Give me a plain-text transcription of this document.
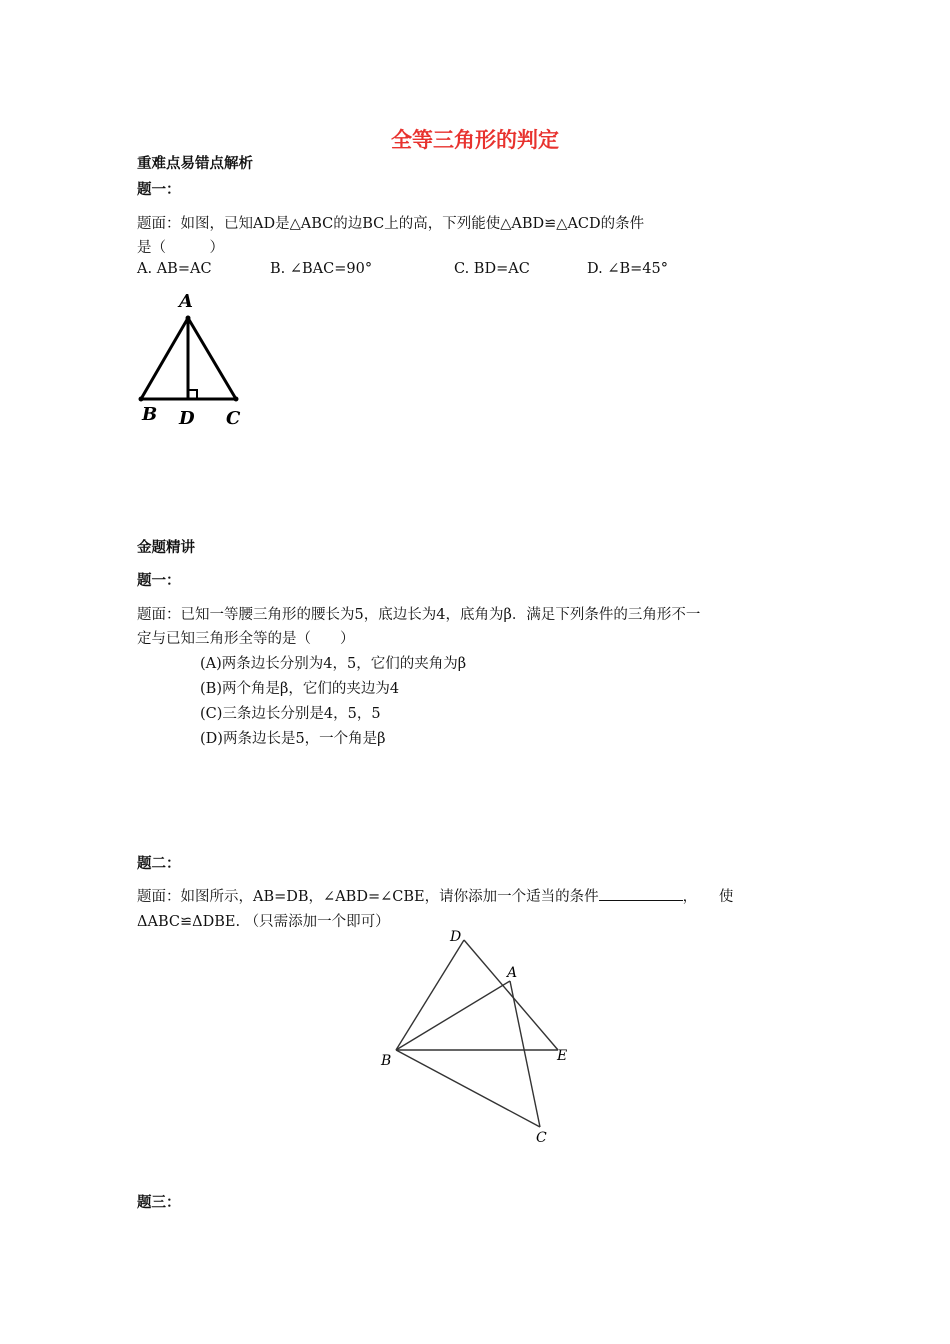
全等三角形的判定
重难点易错点解析
题一：
题面：如图，已知AD是△ABC的边BC上的高，下列能使△ABD≌△ACD的条件
是（　　　）
A. AB=AC	B. ∠BAC=90°	C. BD=AC	D. ∠B=45°
A
B D C
金题精讲
题一：
题面：已知一等腰三角形的腰长为5，底边长为4，底角为β．满足下列条件的三角形不一
定与已知三角形全等的是（　　）
(A)两条边长分别为4，5，它们的夹角为β
(B)两个角是β，它们的夹边为4
(C)三条边长分别是4，5，5
(D)两条边长是5，一个角是β
题二：
题面：如图所示，AB=DB，∠ABD=∠CBE，请你添加一个适当的条件	，　　使
ΔABC≌ΔDBE. （只需添加一个即可）
D
A
B	E
C
题三：
